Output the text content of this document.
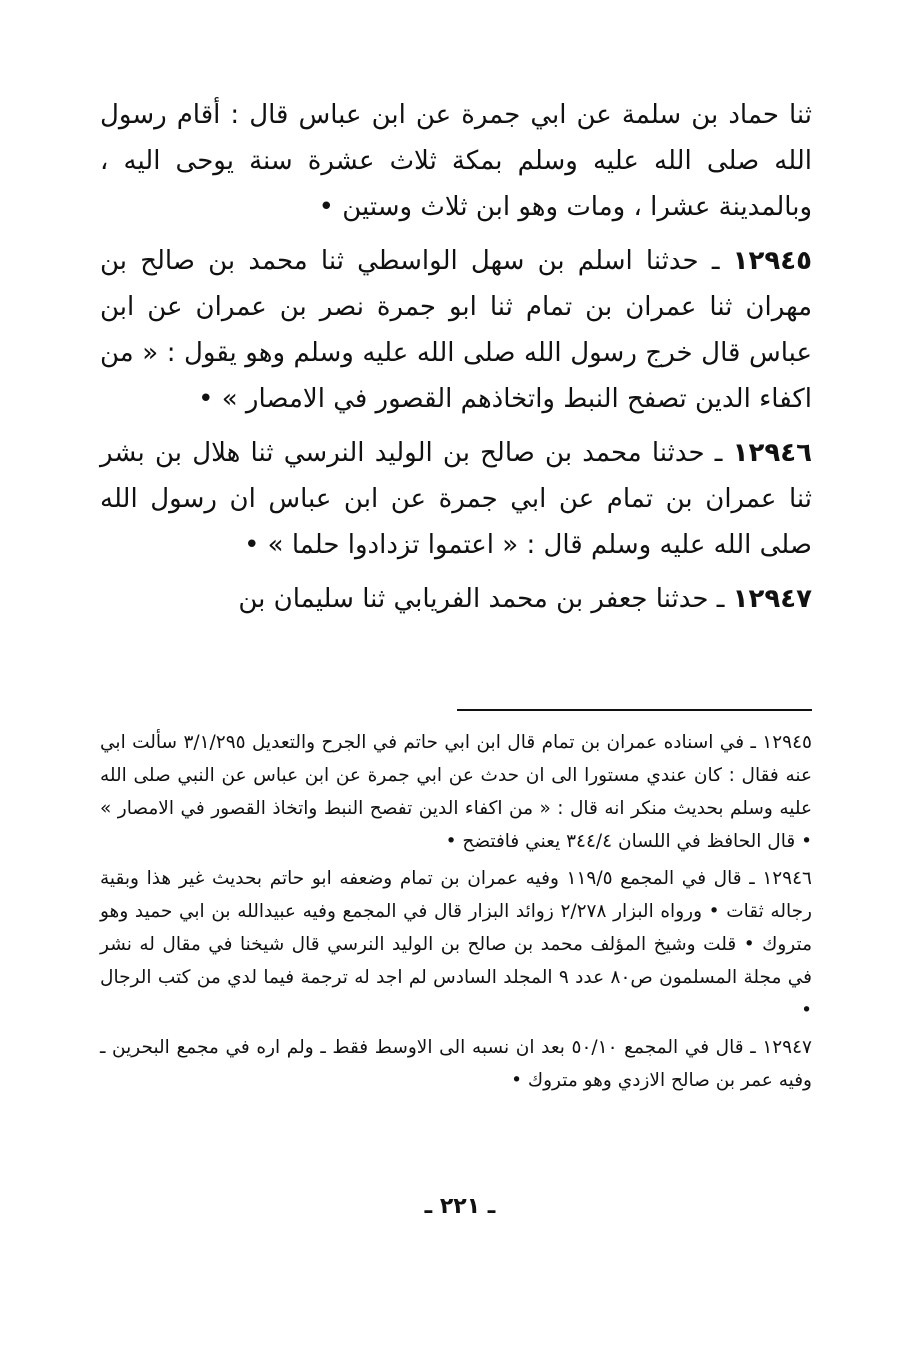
ثنا حماد بن سلمة عن ابي جمرة عن ابن عباس قال : أقام رسول الله صلى الله عليه وسلم بمكة ثلاث عشرة سنة يوحى اليه ، وبالمدينة عشرا ، ومات وهو ابن ثلاث وستين •

١٢٩٤٥ ـ حدثنا اسلم بن سهل الواسطي ثنا محمد بن صالح بن مهران ثنا عمران بن تمام ثنا ابو جمرة نصر بن عمران عن ابن عباس قال خرج رسول الله صلى الله عليه وسلم وهو يقول : « من اكفاء الدين تصفح النبط واتخاذهم القصور في الامصار » •

١٢٩٤٦ ـ حدثنا محمد بن صالح بن الوليد النرسي ثنا هلال بن بشر ثنا عمران بن تمام عن ابي جمرة عن ابن عباس ان رسول الله صلى الله عليه وسلم قال : « اعتموا تزدادوا حلما » •

١٢٩٤٧ ـ حدثنا جعفر بن محمد الفريابي ثنا سليمان بن

١٢٩٤٥ ـ في اسناده عمران بن تمام قال ابن ابي حاتم في الجرح والتعديل ٣/١/٢٩٥ سألت ابي عنه فقال : كان عندي مستورا الى ان حدث عن ابي جمرة عن ابن عباس عن النبي صلى الله عليه وسلم بحديث منكر انه قال : « من اكفاء الدين تفصح النبط واتخاذ القصور في الامصار » • قال الحافظ في اللسان ٣٤٤/٤ يعني فافتضح •

١٢٩٤٦ ـ قال في المجمع ١١٩/٥ وفيه عمران بن تمام وضعفه ابو حاتم بحديث غير هذا وبقية رجاله ثقات • ورواه البزار ٢/٢٧٨ زوائد البزار قال في المجمع وفيه عبيدالله بن ابي حميد وهو متروك • قلت وشيخ المؤلف محمد بن صالح بن الوليد النرسي قال شيخنا في مقال له نشر في مجلة المسلمون ص٨٠ عدد ٩ المجلد السادس لم اجد له ترجمة فيما لدي من كتب الرجال •

١٢٩٤٧ ـ قال في المجمع ٥٠/١٠ بعد ان نسبه الى الاوسط فقط ـ ولم اره في مجمع البحرين ـ وفيه عمر بن صالح الازدي وهو متروك •

ـ ٢٢١ ـ
